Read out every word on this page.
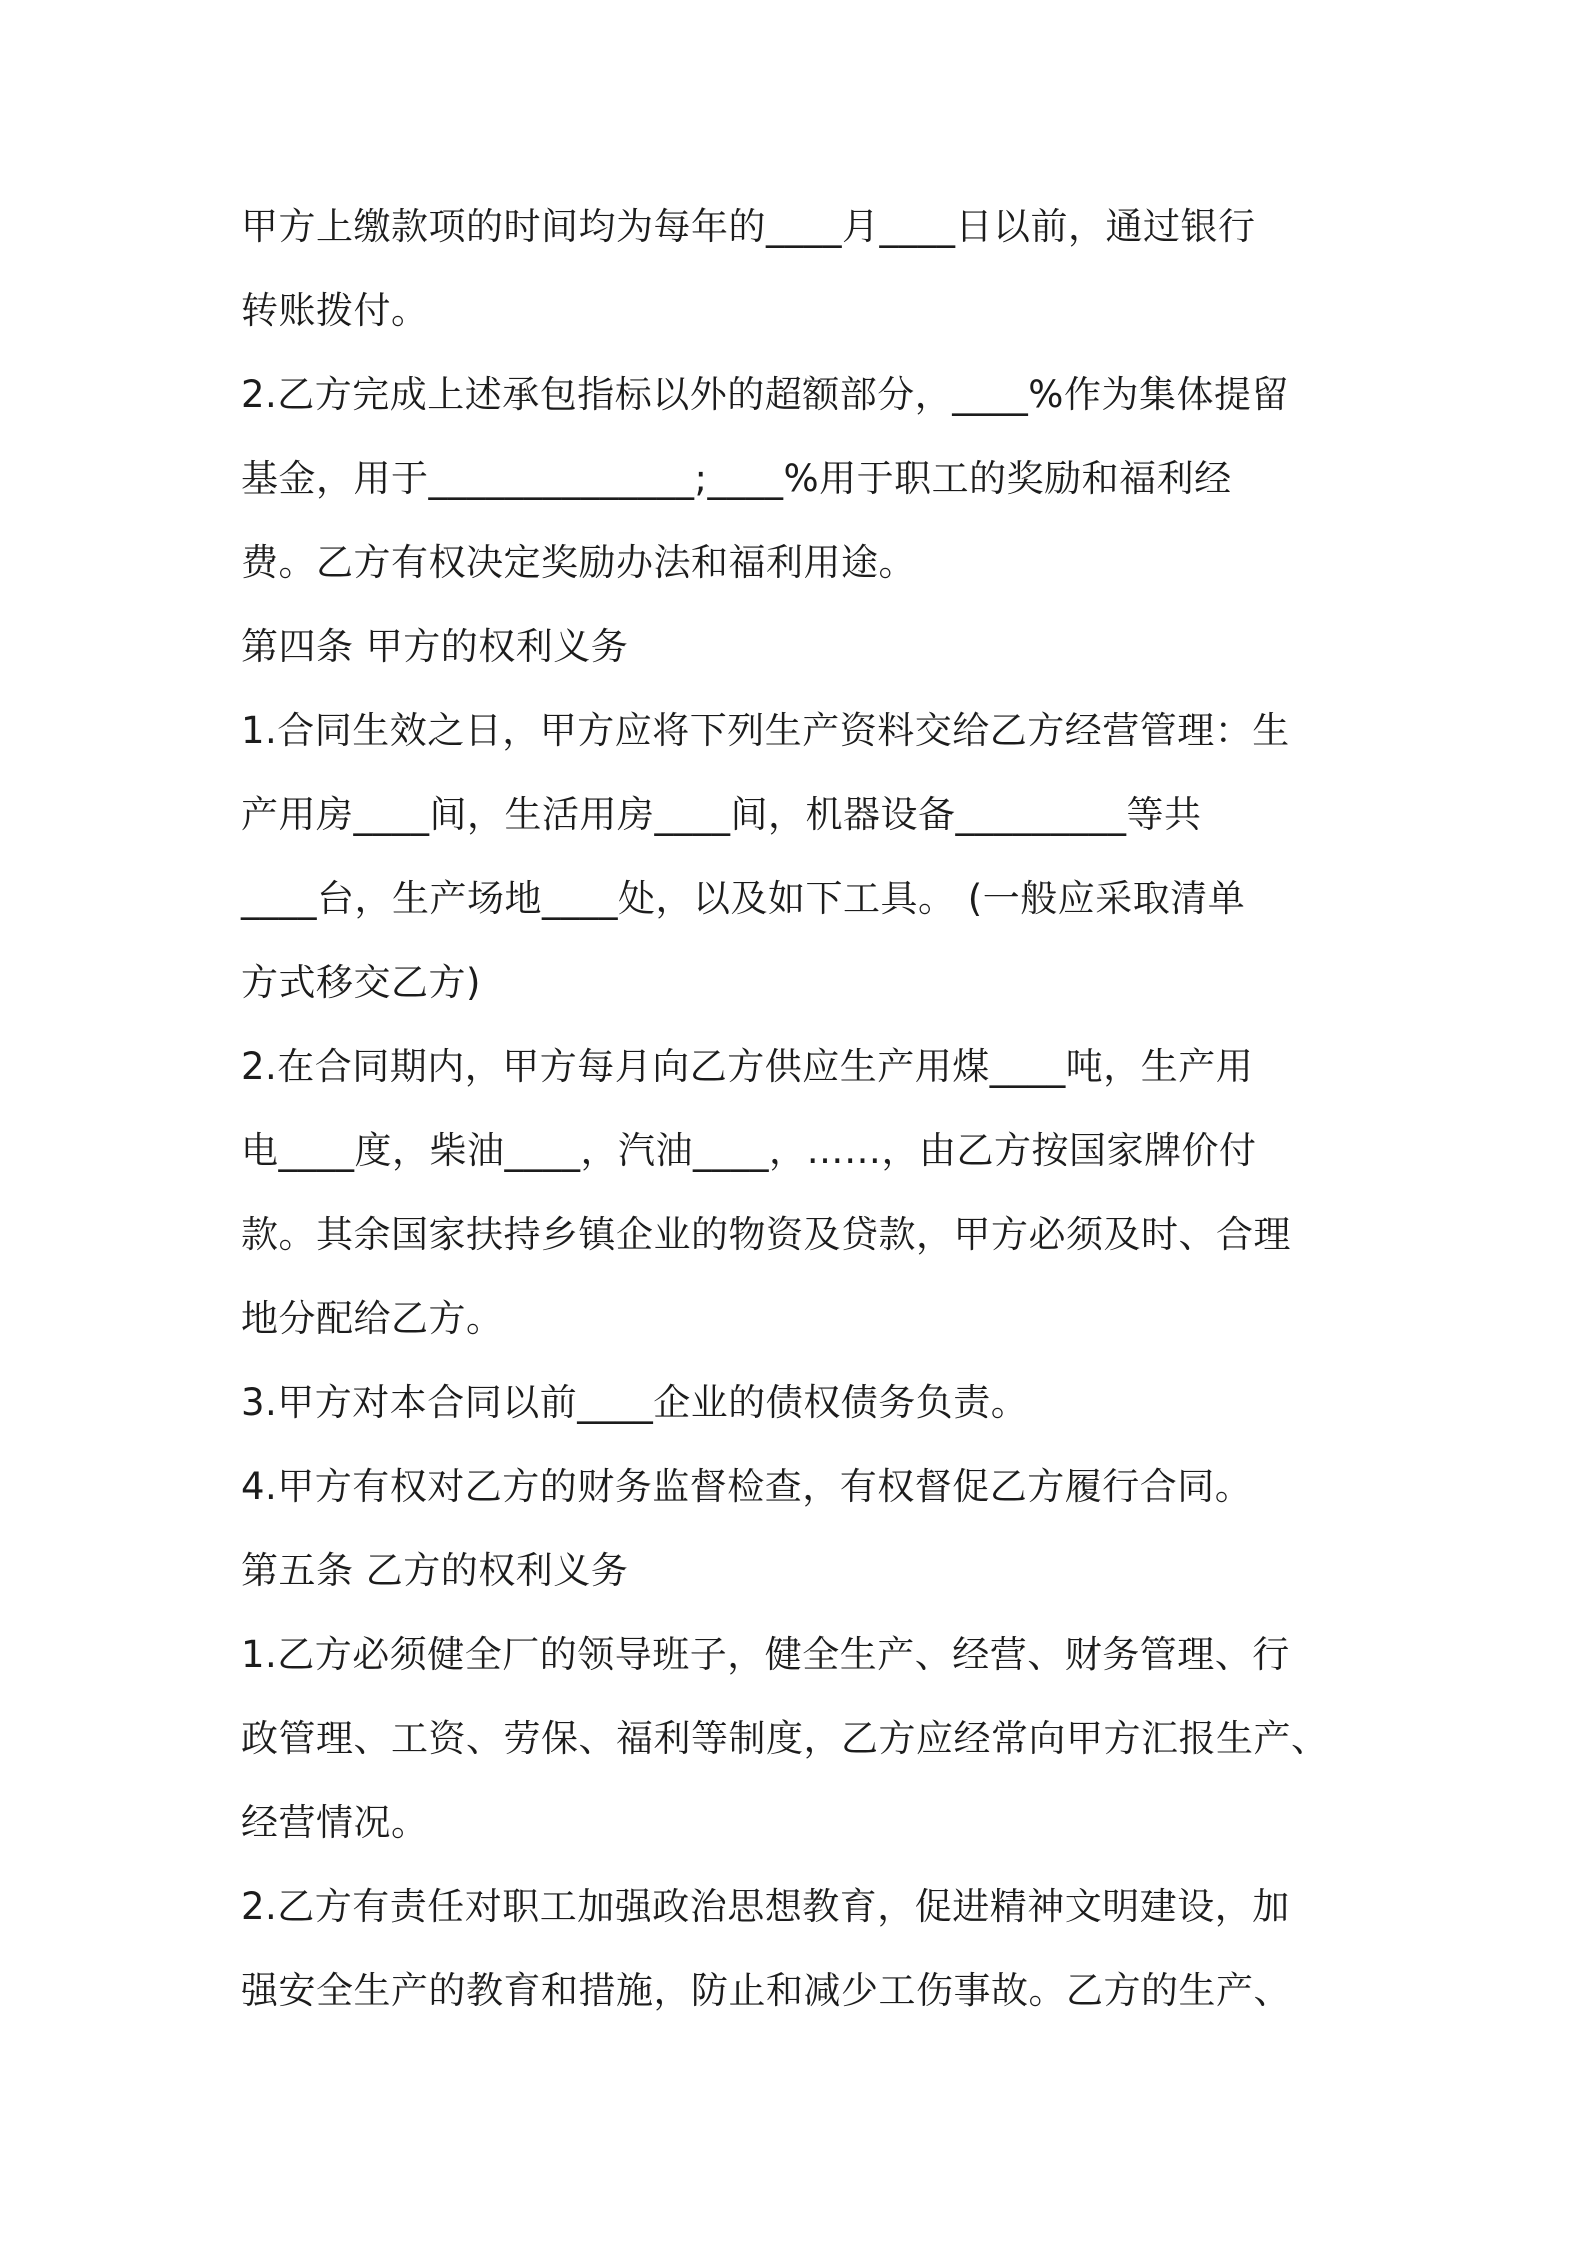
甲方上缴款项的时间均为每年的____月____日以前，通过银行
转账拨付。
2.乙方完成上述承包指标以外的超额部分，____%作为集体提留
基金，用于______________;____%用于职工的奖励和福利经
费。乙方有权决定奖励办法和福利用途。
第四条 甲方的权利义务
1.合同生效之日，甲方应将下列生产资料交给乙方经营管理：生
产用房____间，生活用房____间，机器设备_________等共
____台，生产场地____处，以及如下工具。 (一般应采取清单
方式移交乙方)
2.在合同期内，甲方每月向乙方供应生产用煤____吨，生产用
电____度，柴油____，汽油____，……，由乙方按国家牌价付
款。其余国家扶持乡镇企业的物资及贷款，甲方必须及时、合理
地分配给乙方。
3.甲方对本合同以前____企业的债权债务负责。
4.甲方有权对乙方的财务监督检查，有权督促乙方履行合同。
第五条 乙方的权利义务
1.乙方必须健全厂的领导班子，健全生产、经营、财务管理、行
政管理、工资、劳保、福利等制度，乙方应经常向甲方汇报生产、
经营情况。
2.乙方有责任对职工加强政治思想教育，促进精神文明建设，加
强安全生产的教育和措施，防止和减少工伤事故。乙方的生产、
